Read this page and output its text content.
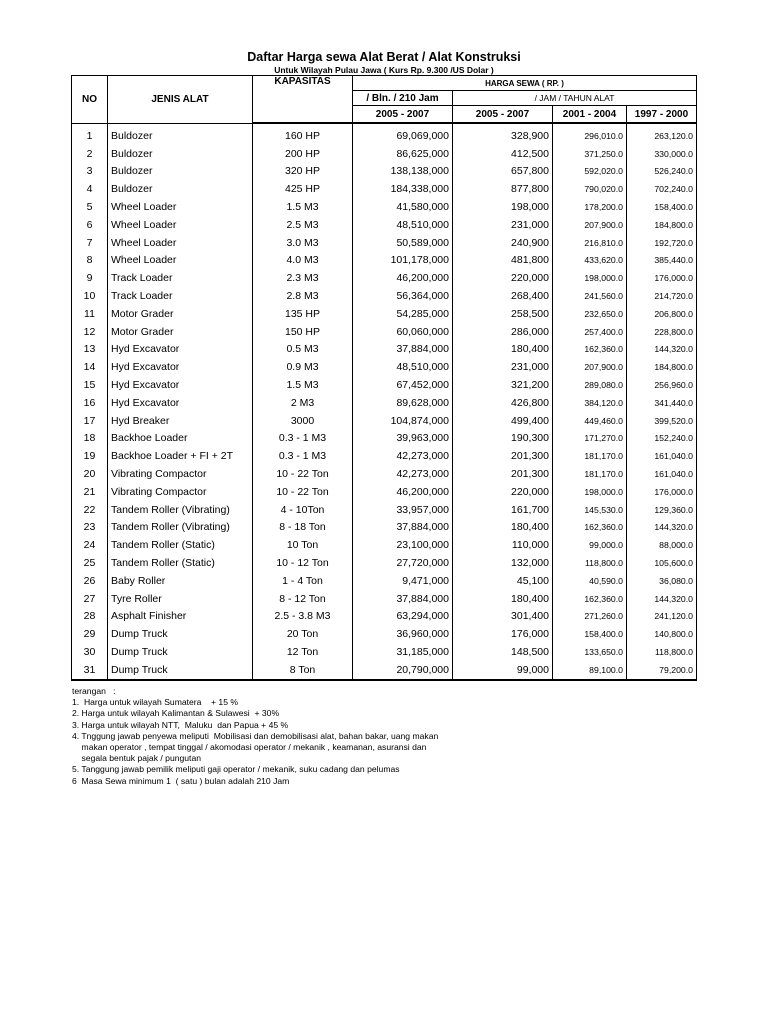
Daftar Harga sewa Alat Berat / Alat Konstruksi
Untuk Wilayah Pulau Jawa ( Kurs Rp. 9.300 /US Dolar )
NO	JENIS ALAT	KAPASITAS	HARGA SEWA ( RP. )			
			/ Bln. / 210 Jam	/ JAM / TAHUN ALAT		
			2005 - 2007	2005 - 2007	2001 - 2004	1997 - 2000
1	Buldozer	160 HP	69,069,000	328,900	296,010.0	263,120.0
2	Buldozer	200 HP	86,625,000	412,500	371,250.0	330,000.0
3	Buldozer	320 HP	138,138,000	657,800	592,020.0	526,240.0
4	Buldozer	425 HP	184,338,000	877,800	790,020.0	702,240.0
5	Wheel Loader	1.5 M3	41,580,000	198,000	178,200.0	158,400.0
6	Wheel Loader	2.5 M3	48,510,000	231,000	207,900.0	184,800.0
7	Wheel Loader	3.0 M3	50,589,000	240,900	216,810.0	192,720.0
8	Wheel Loader	4.0 M3	101,178,000	481,800	433,620.0	385,440.0
9	Track Loader	2.3 M3	46,200,000	220,000	198,000.0	176,000.0
10	Track Loader	2.8 M3	56,364,000	268,400	241,560.0	214,720.0
11	Motor Grader	135 HP	54,285,000	258,500	232,650.0	206,800.0
12	Motor Grader	150 HP	60,060,000	286,000	257,400.0	228,800.0
13	Hyd Excavator	0.5 M3	37,884,000	180,400	162,360.0	144,320.0
14	Hyd Excavator	0.9 M3	48,510,000	231,000	207,900.0	184,800.0
15	Hyd Excavator	1.5 M3	67,452,000	321,200	289,080.0	256,960.0
16	Hyd Excavator	2 M3	89,628,000	426,800	384,120.0	341,440.0
17	Hyd Breaker	3000	104,874,000	499,400	449,460.0	399,520.0
18	Backhoe Loader	0.3 - 1 M3	39,963,000	190,300	171,270.0	152,240.0
19	Backhoe Loader + FI + 2T	0.3 - 1 M3	42,273,000	201,300	181,170.0	161,040.0
20	Vibrating Compactor	10 - 22 Ton	42,273,000	201,300	181,170.0	161,040.0
21	Vibrating Compactor	10 - 22 Ton	46,200,000	220,000	198,000.0	176,000.0
22	Tandem Roller (Vibrating)	4 - 10Ton	33,957,000	161,700	145,530.0	129,360.0
23	Tandem Roller (Vibrating)	8 - 18 Ton	37,884,000	180,400	162,360.0	144,320.0
24	Tandem Roller (Static)	10 Ton	23,100,000	110,000	99,000.0	88,000.0
25	Tandem Roller (Static)	10 - 12 Ton	27,720,000	132,000	118,800.0	105,600.0
26	Baby Roller	1 - 4 Ton	9,471,000	45,100	40,590.0	36,080.0
27	Tyre Roller	8 - 12 Ton	37,884,000	180,400	162,360.0	144,320.0
28	Asphalt Finisher	2.5 - 3.8 M3	63,294,000	301,400	271,260.0	241,120.0
29	Dump Truck	20 Ton	36,960,000	176,000	158,400.0	140,800.0
30	Dump Truck	12 Ton	31,185,000	148,500	133,650.0	118,800.0
31	Dump Truck	8 Ton	20,790,000	99,000	89,100.0	79,200.0
terangan   :
1.  Harga untuk wilayah Sumatera    + 15 %
2. Harga untuk wilayah Kalimantan & Sulawesi  + 30%
3. Harga untuk wilayah NTT,  Maluku  dan Papua + 45 %
4. Tnggung jawab penyewa meliputi  Mobilisasi dan demobilisasi alat, bahan bakar, uang makan
makan operator , tempat tinggal / akomodasi operator / mekanik , keamanan, asuransi dan
segala bentuk pajak / pungutan
5. Tanggung jawab pemilik meliputi gaji operator / mekanik, suku cadang dan pelumas
6  Masa Sewa minimum 1  ( satu ) bulan adalah 210 Jam
